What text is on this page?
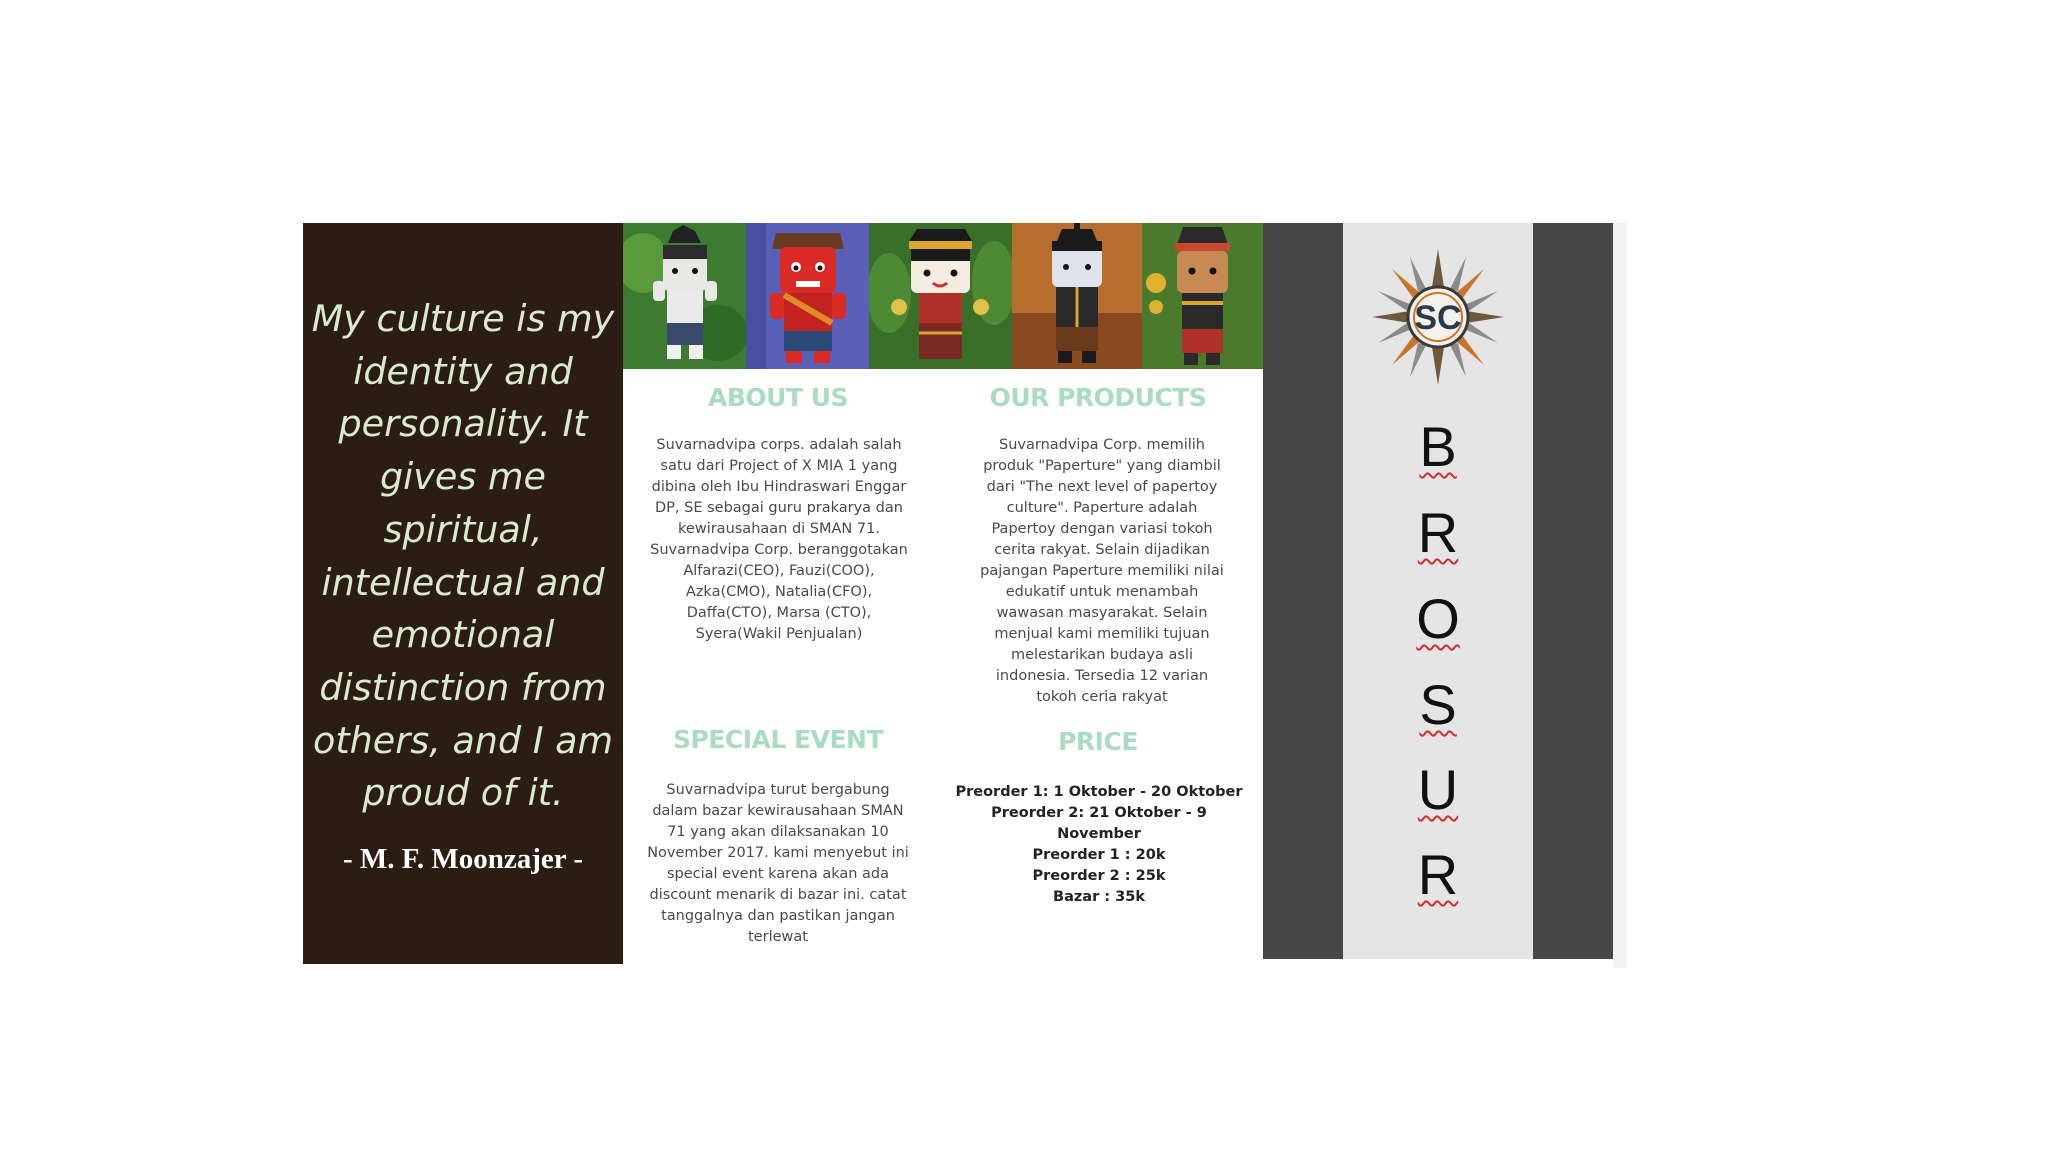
My culture is my
identity and
personality. It
gives me
spiritual,
intellectual and
emotional
distinction from
others, and I am
proud of it.
- M. F. Moonzajer -
ABOUT US
Suvarnadvipa corps. adalah salah
satu dari Project of X MIA 1 yang
dibina oleh Ibu Hindraswari Enggar
DP, SE sebagai guru prakarya dan
kewirausahaan di SMAN 71.
Suvarnadvipa Corp. beranggotakan
Alfarazi(CEO), Fauzi(COO),
Azka(CMO), Natalia(CFO),
Daffa(CTO), Marsa (CTO),
Syera(Wakil Penjualan)
OUR PRODUCTS
Suvarnadvipa Corp. memilih
produk "Paperture" yang diambil
dari "The next level of papertoy
culture". Paperture adalah
Papertoy dengan variasi tokoh
cerita rakyat. Selain dijadikan
pajangan Paperture memiliki nilai
edukatif untuk menambah
wawasan masyarakat. Selain
menjual kami memiliki tujuan
melestarikan budaya asli
indonesia. Tersedia 12 varian
tokoh ceria rakyat
SPECIAL EVENT
Suvarnadvipa turut bergabung
dalam bazar kewirausahaan SMAN
71 yang akan dilaksanakan 10
November 2017. kami menyebut ini
special event karena akan ada
discount menarik di bazar ini. catat
tanggalnya dan pastikan jangan
terlewat
PRICE
Preorder 1: 1 Oktober - 20 Oktober
Preorder 2: 21 Oktober - 9
November
Preorder 1 : 20k
Preorder 2 : 25k
Bazar : 35k
SC
B
R
O
S
U
R
